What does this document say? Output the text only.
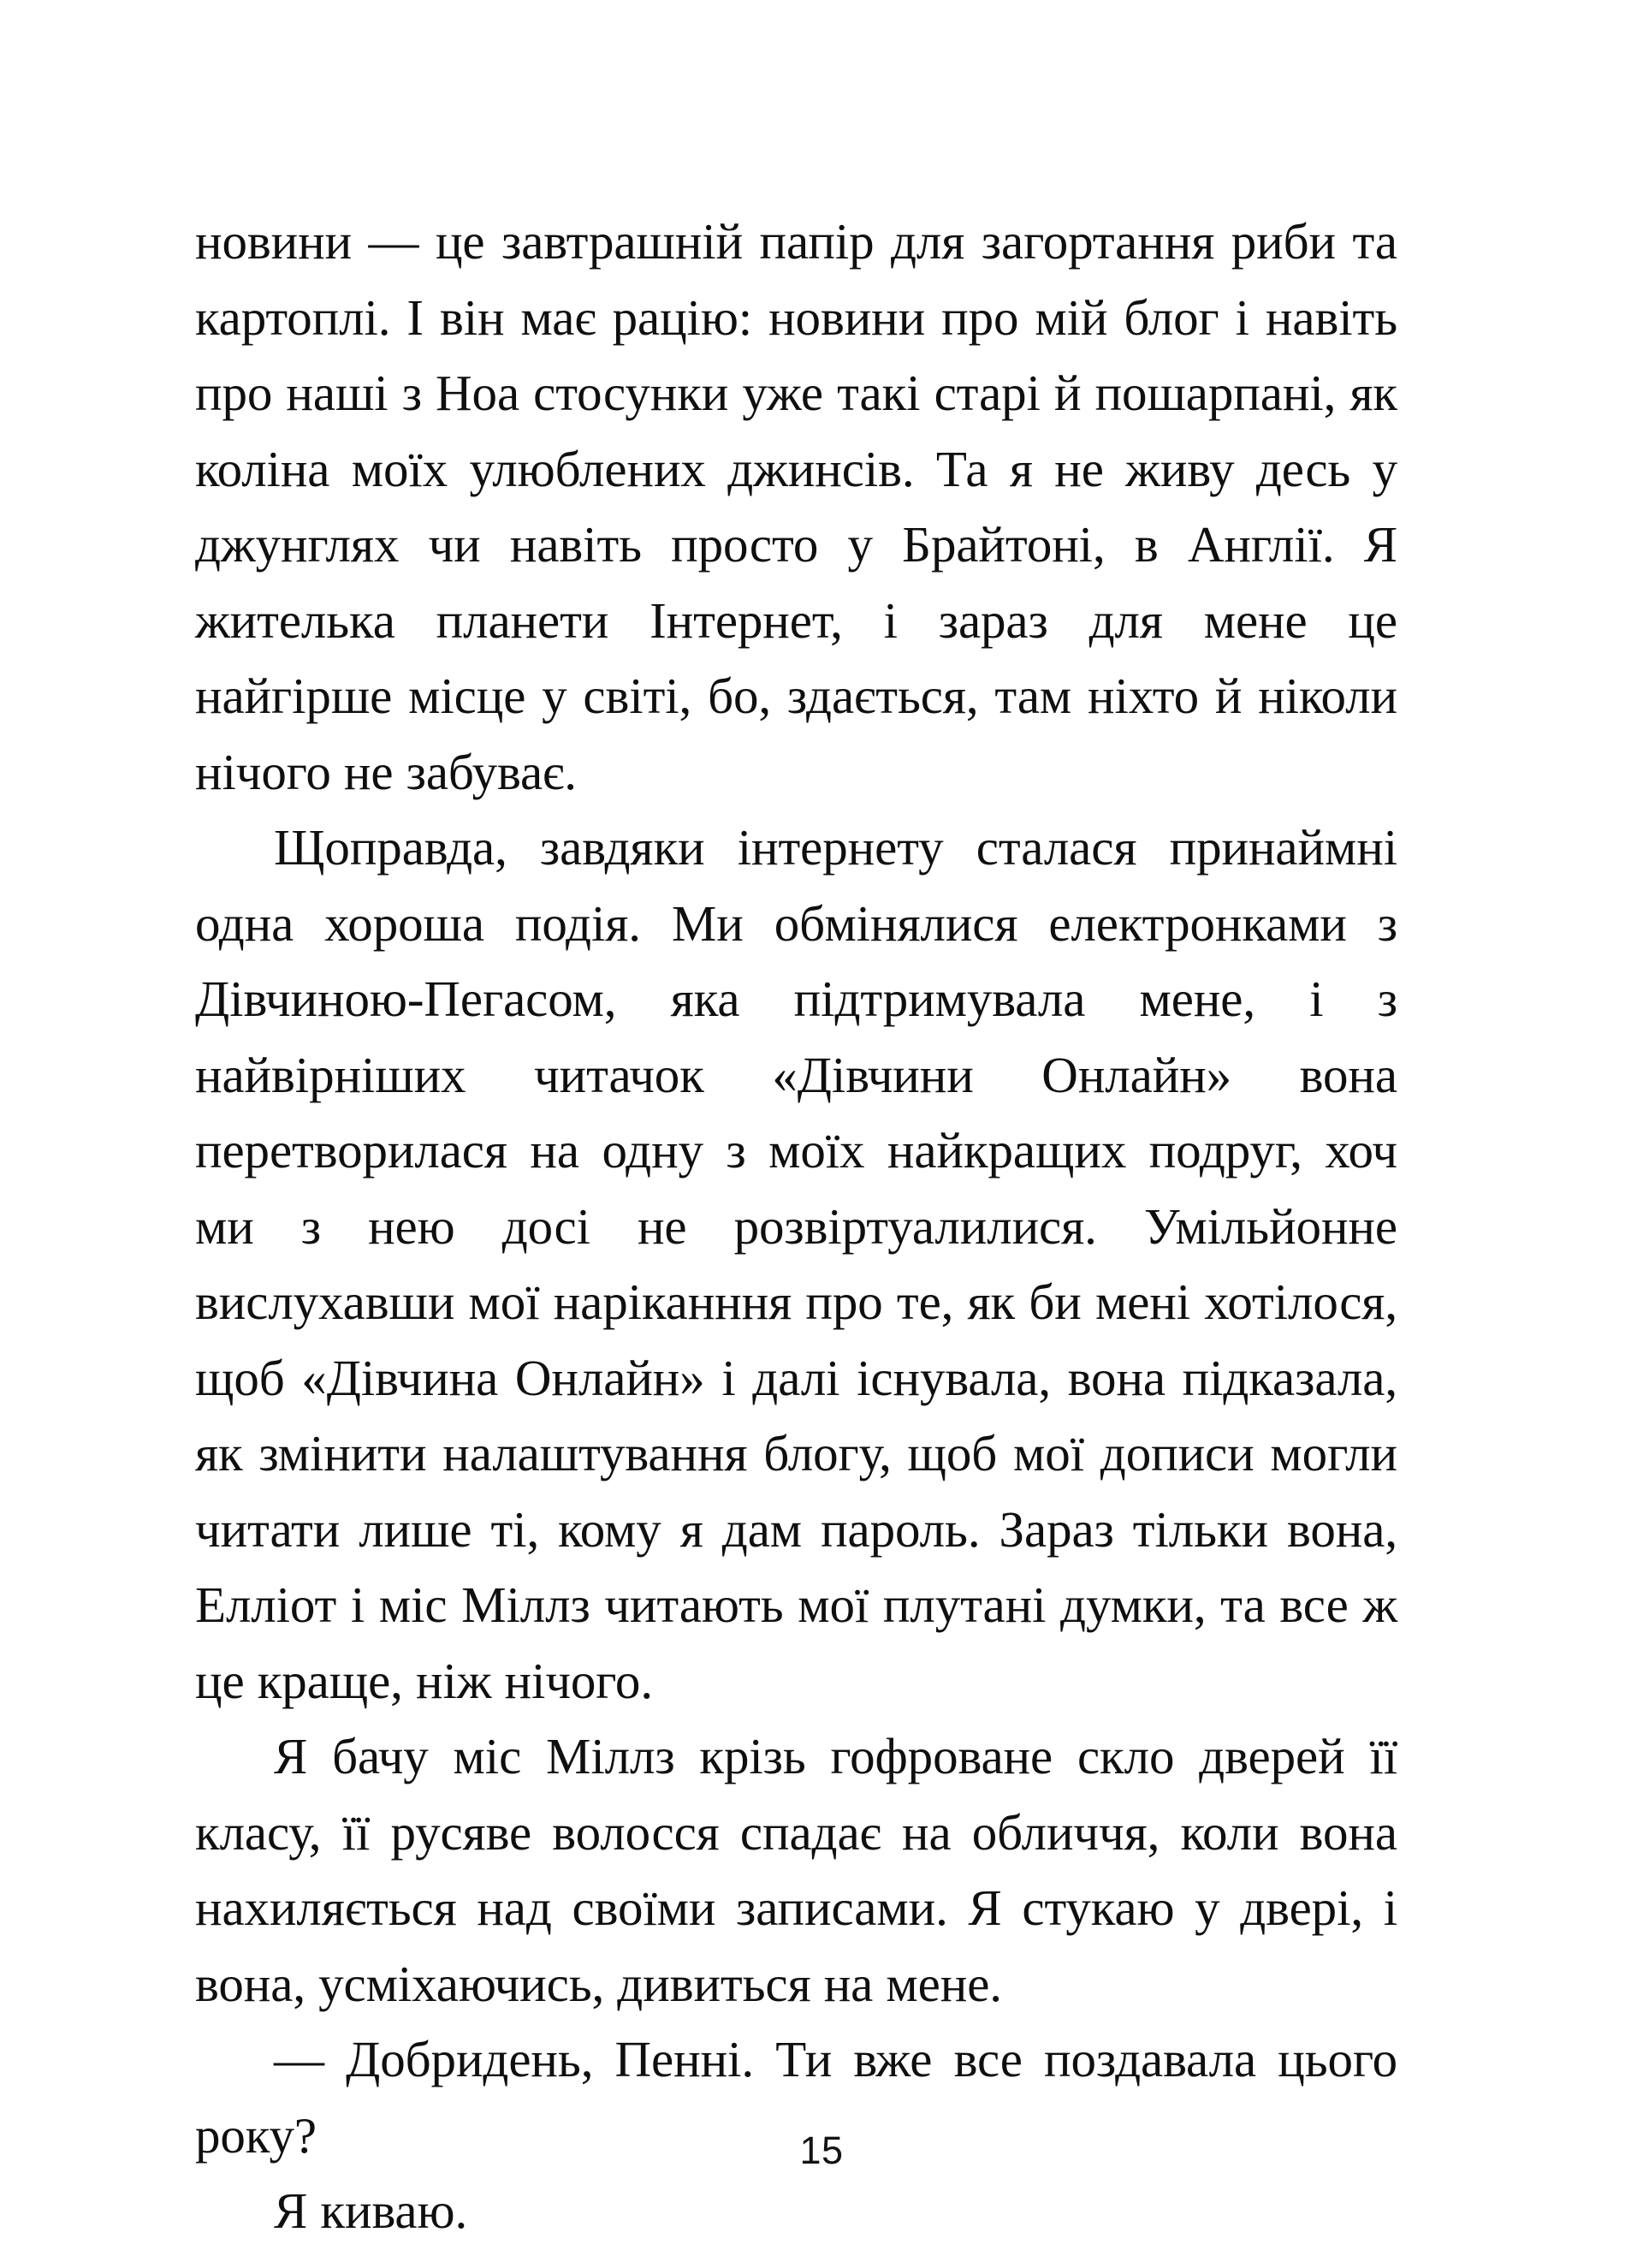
новини — це завтрашній папір для загортання риби та картоплі. І він має рацію: новини про мій блог і навіть про наші з Ноа стосунки уже такі старі й пошарпані, як коліна моїх улюблених джинсів. Та я не живу десь у джунглях чи навіть просто у Брайтоні, в Англії. Я жителька планети Інтернет, і зараз для мене це найгірше місце у світі, бо, здається, там ніхто й ніколи нічого не забуває.

Щоправда, завдяки інтернету сталася принаймні одна хороша подія. Ми обмінялися електронками з Дівчиною-Пегасом, яка підтримувала мене, і з найвірніших читачок «Дівчини Онлайн» вона перетворилася на одну з моїх найкращих подруг, хоч ми з нею досі не розвіртуалилися. Умільйонне вислухавши мої наріканння про те, як би мені хотілося, щоб «Дівчина Онлайн» і далі існувала, вона підказала, як змінити налаштування блогу, щоб мої дописи могли читати лише ті, кому я дам пароль. Зараз тільки вона, Елліот і міс Міллз читають мої плутані думки, та все ж це краще, ніж нічого.

Я бачу міс Міллз крізь гофроване скло дверей її класу, її русяве волосся спадає на обличчя, коли вона нахиляється над своїми записами. Я стукаю у двері, і вона, усміхаючись, дивиться на мене.

— Добридень, Пенні. Ти вже все поздавала цього року?

Я киваю.

15
